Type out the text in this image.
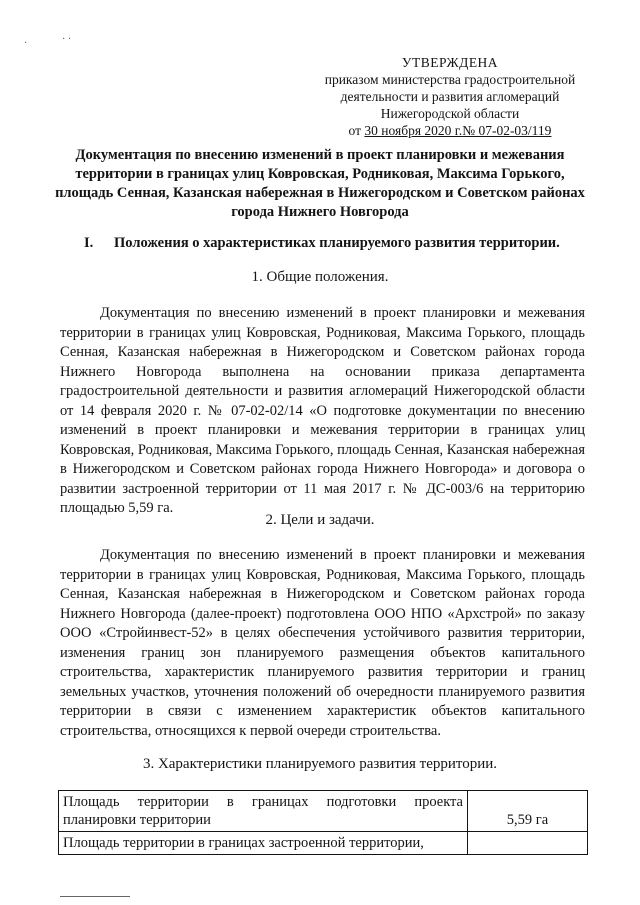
·	· ·
УТВЕРЖДЕНА
приказом министерства градостроительной
деятельности и развития агломераций
Нижегородской области
от 30 ноября 2020 г.№ 07-02-03/119
Документация по внесению изменений в проект планировки и межевания территории в границах улиц Ковровская, Родниковая, Максима Горького, площадь Сенная, Казанская набережная в Нижегородском и Советском районах города Нижнего Новгорода
I. Положения о характеристиках планируемого развития территории.
1. Общие положения.
Документация по внесению изменений в проект планировки и межевания территории в границах улиц Ковровская, Родниковая, Максима Горького, площадь Сенная, Казанская набережная в Нижегородском и Советском районах города Нижнего Новгорода выполнена на основании приказа департамента градостроительной деятельности и развития агломераций Нижегородской области от 14 февраля 2020 г. № 07-02-02/14 «О подготовке документации по внесению изменений в проект планировки и межевания территории в границах улиц Ковровская, Родниковая, Максима Горького, площадь Сенная, Казанская набережная в Нижегородском и Советском районах города Нижнего Новгорода» и договора о развитии застроенной территории от 11 мая 2017 г. № ДС-003/6 на территорию площадью 5,59 га.
2. Цели и задачи.
Документация по внесению изменений в проект планировки и межевания территории в границах улиц Ковровская, Родниковая, Максима Горького, площадь Сенная, Казанская набережная в Нижегородском и Советском районах города Нижнего Новгорода (далее-проект) подготовлена ООО НПО «Архстрой» по заказу ООО «Стройинвест-52» в целях обеспечения устойчивого развития территории, изменения границ зон планируемого размещения объектов капитального строительства, характеристик планируемого развития территории и границ земельных участков, уточнения положений об очередности планируемого развития территории в связи с изменением характеристик объектов капитального строительства, относящихся к первой очереди строительства.
3. Характеристики планируемого развития территории.
Площадь территории в границах подготовки проекта планировки территории	5,59 га
Площадь территории в границах застроенной территории,	
